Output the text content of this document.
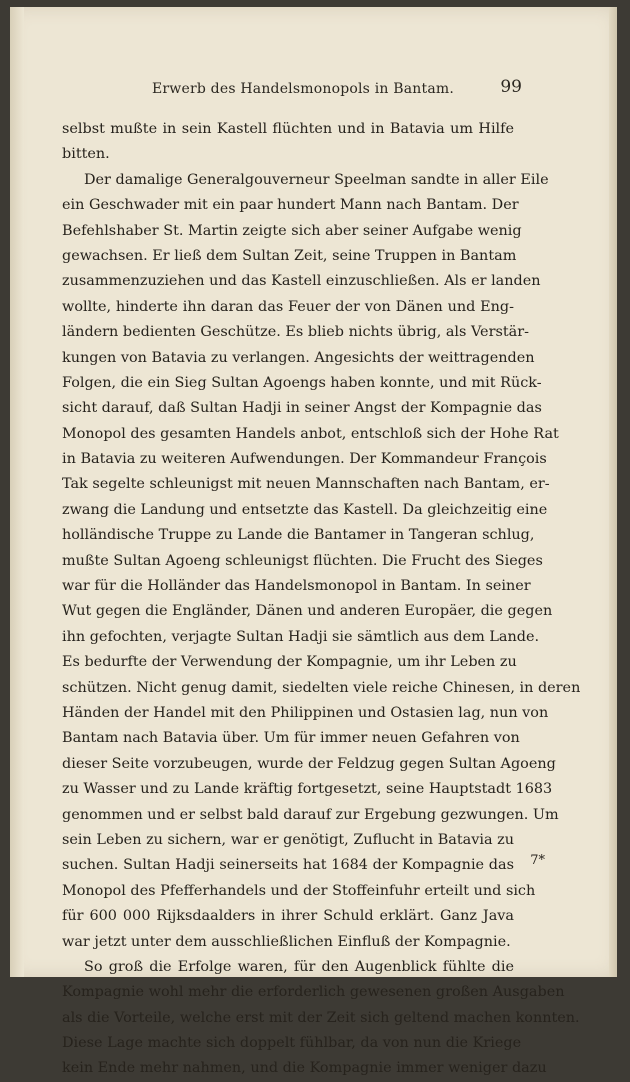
Erwerb des Handelsmonopols in Bantam.	99
selbst mußte in sein Kastell flüchten und in Batavia um Hilfe
bitten.
Der damalige Generalgouverneur Speelman sandte in aller Eile
ein Geschwader mit ein paar hundert Mann nach Bantam. Der
Befehlshaber St. Martin zeigte sich aber seiner Aufgabe wenig
gewachsen. Er ließ dem Sultan Zeit, seine Truppen in Bantam
zusammenzuziehen und das Kastell einzuschließen. Als er landen
wollte, hinderte ihn daran das Feuer der von Dänen und Eng-
ländern bedienten Geschütze. Es blieb nichts übrig, als Verstär-
kungen von Batavia zu verlangen. Angesichts der weittragenden
Folgen, die ein Sieg Sultan Agoengs haben konnte, und mit Rück-
sicht darauf, daß Sultan Hadji in seiner Angst der Kompagnie das
Monopol des gesamten Handels anbot, entschloß sich der Hohe Rat
in Batavia zu weiteren Aufwendungen. Der Kommandeur François
Tak segelte schleunigst mit neuen Mannschaften nach Bantam, er-
zwang die Landung und entsetzte das Kastell. Da gleichzeitig eine
holländische Truppe zu Lande die Bantamer in Tangeran schlug,
mußte Sultan Agoeng schleunigst flüchten. Die Frucht des Sieges
war für die Holländer das Handelsmonopol in Bantam. In seiner
Wut gegen die Engländer, Dänen und anderen Europäer, die gegen
ihn gefochten, verjagte Sultan Hadji sie sämtlich aus dem Lande.
Es bedurfte der Verwendung der Kompagnie, um ihr Leben zu
schützen. Nicht genug damit, siedelten viele reiche Chinesen, in deren
Händen der Handel mit den Philippinen und Ostasien lag, nun von
Bantam nach Batavia über. Um für immer neuen Gefahren von
dieser Seite vorzubeugen, wurde der Feldzug gegen Sultan Agoeng
zu Wasser und zu Lande kräftig fortgesetzt, seine Hauptstadt 1683
genommen und er selbst bald darauf zur Ergebung gezwungen. Um
sein Leben zu sichern, war er genötigt, Zuflucht in Batavia zu
suchen. Sultan Hadji seinerseits hat 1684 der Kompagnie das
Monopol des Pfefferhandels und der Stoffeinfuhr erteilt und sich
für 600 000 Rijksdaalders in ihrer Schuld erklärt. Ganz Java
war jetzt unter dem ausschließlichen Einfluß der Kompagnie.
So groß die Erfolge waren, für den Augenblick fühlte die
Kompagnie wohl mehr die erforderlich gewesenen großen Ausgaben
als die Vorteile, welche erst mit der Zeit sich geltend machen konnten.
Diese Lage machte sich doppelt fühlbar, da von nun die Kriege
kein Ende mehr nahmen, und die Kompagnie immer weniger dazu
7*
